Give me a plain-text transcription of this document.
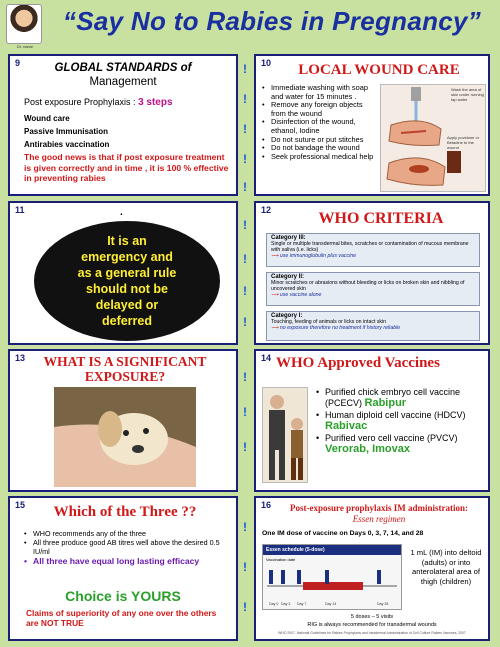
Dr. name
“Say No to Rabies in Pregnancy”
!
!
!
!
!
!
!
!
!
!
!
!
!
!
!
9	GLOBAL STANDARDS of
Management
Post exposure Prophylaxis : 3 steps
Wound care
Passive Immunisation
Antirabies vaccination
The good news is that if post exposure treatment is given correctly and in time , it is 100 % effective in preventing rabies
10	LOCAL WOUND CARE
• Immediate washing with soap and water for 15 minutes .
• Remove any foreign objects from the wound
• Disinfection of the wound, ethanol, Iodine
• Do not suture or put stitches
• Do not bandage the wound
• Seek professional medical help
Wash the area of skin under running tap water
Apply povidone or Betadine to the wound
11	.
It is an
emergency and
as a general rule
should not be
delayed or
deferred
12	WHO CRITERIA
Category III:
Single or multiple transdermal bites, scratches or contamination of mucous membrane with saliva (i.e. licks)
⟶ use immunoglobulin plus vaccine
Category II:
Minor scratches or abrasions without bleeding or licks on broken skin and nibbling of uncovered skin
⟶ use vaccine alone
Category I:
Touching, feeding of animals or licks on intact skin
⟶ no exposure therefore no treatment if history reliable
13	WHAT IS A SIGNIFICANT
EXPOSURE?
14 WHO Approved Vaccines
• Purified chick embryo cell vaccine (PCECV) Rabipur
• Human diploid cell vaccine (HDCV) Rabivac
• Purified vero cell vaccine (PVCV) Verorab, Imovax
15	Which of the Three ??
• WHO recommends any of the three
• All three produce good AB titres well above the desired 0.5 IU/ml
• All three have equal long lasting efficacy
Choice is YOURS
Claims of superiority of any one over the others are NOT TRUE
16	Post-exposure prophylaxis IM administration:
Essen regimen
One IM dose of vaccine on Days 0, 3, 7, 14, and 28
Essen schedule (5-dose)
Vaccination date
Day 0 Day 3 Day 7	Day 14	Day 28
1 mL (IM) into deltoid (adults) or into anterolateral area of thigh (children)
5 doses – 5 visits
RIG is always recommended for transdermal wounds
WHO 2007. National Guidelines for Rabies Prophylaxis and Intradermal Administration of Cell Culture Rabies Vaccines, 2007
